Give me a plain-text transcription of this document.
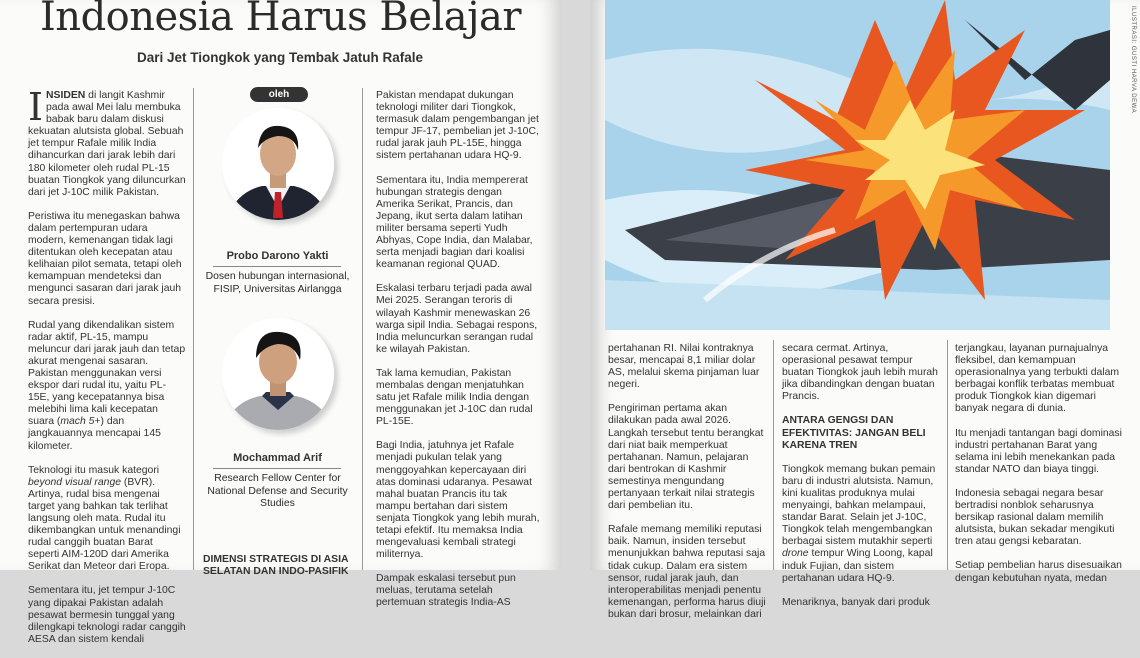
Indonesia Harus Belajar
Dari Jet Tiongkok yang Tembak Jatuh Rafale

INSIDEN di langit Kashmir pada awal Mei lalu membuka babak baru dalam diskusi kekuatan alutsista global. Sebuah jet tempur Rafale milik India dihancurkan dari jarak lebih dari 180 kilometer oleh rudal PL-15 buatan Tiongkok yang diluncurkan dari jet J-10C milik Pakistan.

Peristiwa itu menegaskan bahwa dalam pertempuran udara modern, kemenangan tidak lagi ditentukan oleh kecepatan atau kelihaian pilot semata, tetapi oleh kemampuan mendeteksi dan mengunci sasaran dari jarak jauh secara presisi.

Rudal yang dikendalikan sistem radar aktif, PL-15, mampu meluncur dari jarak jauh dan tetap akurat mengenai sasaran. Pakistan menggunakan versi ekspor dari rudal itu, yaitu PL-15E, yang kecepatannya bisa melebihi lima kali kecepatan suara (mach 5+) dan jangkauannya mencapai 145 kilometer.

Teknologi itu masuk kategori beyond visual range (BVR). Artinya, rudal bisa mengenai target yang bahkan tak terlihat langsung oleh mata. Rudal itu dikembangkan untuk menandingi rudal canggih buatan Barat seperti AIM-120D dari Amerika Serikat dan Meteor dari Eropa.

Sementara itu, jet tempur J-10C yang dipakai Pakistan adalah pesawat bermesin tunggal yang dilengkapi teknologi radar canggih AESA dan sistem kendali

oleh
Probo Darono Yakti
Dosen hubungan internasional, FISIP, Universitas Airlangga
Mochammad Arif
Research Fellow Center for National Defense and Security Studies
DIMENSI STRATEGIS DI ASIA SELATAN DAN INDO-PASIFIK

Pakistan mendapat dukungan teknologi militer dari Tiongkok, termasuk dalam pengembangan jet tempur JF-17, pembelian jet J-10C, rudal jarak jauh PL-15E, hingga sistem pertahanan udara HQ-9.

Sementara itu, India mempererat hubungan strategis dengan Amerika Serikat, Prancis, dan Jepang, ikut serta dalam latihan militer bersama seperti Yudh Abhyas, Cope India, dan Malabar, serta menjadi bagian dari koalisi keamanan regional QUAD.

Eskalasi terbaru terjadi pada awal Mei 2025. Serangan teroris di wilayah Kashmir menewaskan 26 warga sipil India. Sebagai respons, India meluncurkan serangan rudal ke wilayah Pakistan.

Tak lama kemudian, Pakistan membalas dengan menjatuhkan satu jet Rafale milik India dengan menggunakan jet J-10C dan rudal PL-15E.

Bagi India, jatuhnya jet Rafale menjadi pukulan telak yang menggoyahkan kepercayaan diri atas dominasi udaranya. Pesawat mahal buatan Prancis itu tak mampu bertahan dari sistem senjata Tiongkok yang lebih murah, tetapi efektif. Itu memaksa India mengevaluasi kembali strategi militernya.

Dampak eskalasi tersebut pun meluas, terutama setelah pertemuan strategis India-AS

ILUSTRASI: GUSTI HARVA DEWA

pertahanan RI. Nilai kontraknya besar, mencapai 8,1 miliar dolar AS, melalui skema pinjaman luar negeri.

Pengiriman pertama akan dilakukan pada awal 2026. Langkah tersebut tentu berangkat dari niat baik memperkuat pertahanan. Namun, pelajaran dari bentrokan di Kashmir semestinya mengundang pertanyaan terkait nilai strategis dari pembelian itu.

Rafale memang memiliki reputasi baik. Namun, insiden tersebut menunjukkan bahwa reputasi saja tidak cukup. Dalam era sistem sensor, rudal jarak jauh, dan interoperabilitas menjadi penentu kemenangan, performa harus diuji bukan dari brosur, melainkan dari

secara cermat. Artinya, operasional pesawat tempur buatan Tiongkok jauh lebih murah jika dibandingkan dengan buatan Prancis.

ANTARA GENGSI DAN EFEKTIVITAS: JANGAN BELI KARENA TREN

Tiongkok memang bukan pemain baru di industri alutsista. Namun, kini kualitas produknya mulai menyaingi, bahkan melampaui, standar Barat. Selain jet J-10C, Tiongkok telah mengembangkan berbagai sistem mutakhir seperti drone tempur Wing Loong, kapal induk Fujian, dan sistem pertahanan udara HQ-9.

Menariknya, banyak dari produk

terjangkau, layanan purnajualnya fleksibel, dan kemampuan operasionalnya yang terbukti dalam berbagai konflik terbatas membuat produk Tiongkok kian digemari banyak negara di dunia.

Itu menjadi tantangan bagi dominasi industri pertahanan Barat yang selama ini lebih menekankan pada standar NATO dan biaya tinggi.

Indonesia sebagai negara besar bertradisi nonblok seharusnya bersikap rasional dalam memilih alutsista, bukan sekadar mengikuti tren atau gengsi kebaratan.

Setiap pembelian harus disesuaikan dengan kebutuhan nyata, medan
